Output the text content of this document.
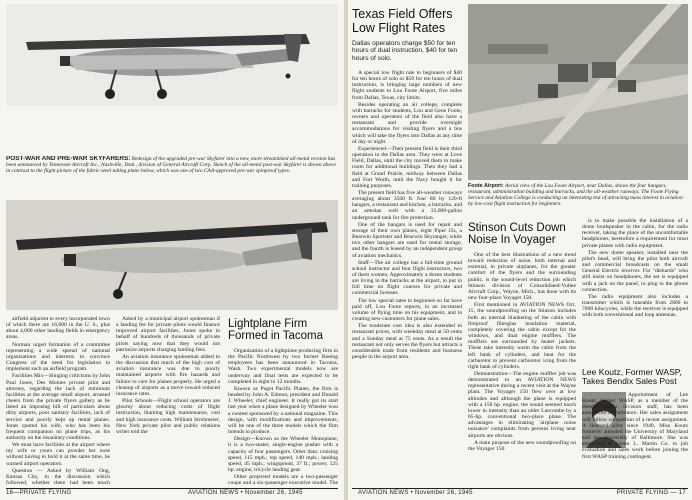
POST-WAR AND PRE-WAR SKYFARERS: Redesign of the upgraded pre-war Skyfarer into a new, more streamlined all-metal version has been announced by Tennessee Aircraft Inc., Nashville, Tenn., division of General Aircraft Corp. Sketch of the all-metal post-war Skyfarer is shown above in contrast to the flight picture of the fabric-steel tubing plane below, which was one of two CAA-approved pre-war spinproof types.

airfield adjacent to every incorporated town of which there are 16,000 in the U. S., plus about 4,000 other landing fields in emergency areas.

Norman urged formation of a committee representing a wide spread of national organizations and interests to convince Congress of the need for legislation to implement such an airfield program.

Facilities Mix—Slinging criticisms by John Paul Jones, Des Moines private pilot and attorney, regarding the lack of minimum facilities at the average small airport, aroused cheers from the private flyers gallery as he listed an imposing bill of particulars about dirty airports, poor sanitary facilities, lack of service and poorly kept up rental planes. Jones quoted his wife, who has been his frequent companion on plane trips, as his authority on the insanitary conditions.

We must have facilities at the airport where my wife or yours can powder her nose without having to hold it at the same time, he warned airport operators.

Question — Asked by William Ong, Kansas City, in the discussion which followed, whether there had been much

Asked by a municipal airport spokesman if a landing fee for private pilots would finance improved airport facilities, Jones spoke in behalf of hundreds of thousands of private pilots saying now that they would not patronize airports charging landing fees.

An aviation insurance spokesman added to the discussion that much of the high cost of aviation insurance was due to poorly maintained airports with fire hazards and failure to care for planes properly. He urged a cleanup of airports as a move toward reduced insurance rates.

Pilot Schools—Flight school operators are gloomy about reducing costs of flight instruction, blaming high maintenance, cost and high insurance costs. William Strohmeier, New York private pilot and public relations writer told the

Lightplane Firm Formed in Tacoma

Organization of a lightplane producing firm in the Pacific Northwest by two former Boeing employees has been announced in Tacoma, Wash. Two experimental models now are underway and final tests are expected to be completed in eight to 12 months.

Known as Puget Pacific Planes, the firm is headed by John A. Edmon, president and Donald J. Wheeler, chief engineer. It really got its start last year when a plane designed by Wheeler won a contest sponsored by a national magazine. This design, with modifications and improvements, will be one of the three models which the firm intends to produce.

Design—Known as the Wheeler Monoplane, it is a two-seater, single-engine pusher with a capacity of four passengers. Other data: cruising speed, 115 mph.; top speed, 140 mph.; landing speed, 45 mph.; wingspread, 37 ft.; power, 125 hp. engine, tricycle landing gear.

Other projected models are a two-passenger coupe and a six-passenger executive model. The

16—PRIVATE FLYING	AVIATION NEWS • November 26, 1945
Texas Field Offers Low Flight Rates
Dallas operators charge $50 for ten hours of dual instruction, $40 for ten hours of solo.

A special low flight rate to beginners of $40 for ten hours of solo or $50 for ten hours of dual instruction, is bringing large numbers of new flight students to Lou Foote Airport, five miles from Dallas, Texas, city limits.

Besides operating an air college, complete with barracks for students, Lou and Gene Foote, owners and operators of the field also have a restaurant and provide overnight accommodations for visiting flyers and a bus which will take the flyers into Dallas at any time of day or night.

Experienced—Their present field is their third operation in the Dallas area. They were at Love Field, Dallas, until the city moved them to make room for additional buildings. Then they had a field at Grand Prairie, midway between Dallas and Fort Worth, until the Navy bought it for training purposes.

The present field has five all-weather runways averaging about 3500 ft. four 80 by 120-ft hangars, a restaurant and kitchen, a barracks, and an arteslan well with a 33,000-gallon underground tank for fire protection.

One of the hangars is used for repair and storage of their own planes, eight Piper J3s, a Bearwin Sportster and Bearwin Skyranger, while two other hangars are used for rental storage, and the fourth is leased by an independent group of aviation mechanics.

Staff—The air college has a full-time ground school instructor and four flight instructors, two of them women. Approximately a dozen students are living in the barracks at the airport, to put in full time on flight courses for private and commercial licenses.

The low special rates to beginners so far have paid off, Lou Foote reports, in an increased volume of flying time on his equipment, and in creating new customers for plane sales.

The moderate cost idea is also extended to restaurant prices, with weekday meal at 50 cents and a Sunday meal at 75 cents. As a result the restaurant not only serves the flyers but attracts a considerable trade from residents and business people in the airport area.

Foote Airport: Aerial view of the Lou Foote Airport, near Dallas, shows the four hangars, restaurant, administration building and barracks, and the all-weather runways. The Foote Flying Service and Aviation College is conducting an interesting test of attracting mass interest in aviation by low-cost flight instruction for beginners.
Stinson Cuts Down Noise In Voyager

One of the best illustrations of a new trend toward reduction of noise, both internal and external, in private airplanes, for the greater comfort of the flyers and the surrounding public, is the sound-level reduction job which Stinson division of Consolidated-Vultee Aircraft Corp., Wayne, Mich., has done with its new four-place Voyager 150.

First mentioned in AVIATION NEWS Oct. 15, the soundproofing on the Stinson includes both an internal blanketing of the cabin with fireproof fiberglas insulation material, completely covering the cabin except for the windows, and dual engine mufflers. The mufflers are surrounded by heater jackets. These take intensity warm the cabin from the left bank of cylinders, and heat for the carburetor to prevent carburetor icing from the right bank of cylinders.

Demonstration—The engine muffler job was demonstrated to an AVIATION NEWS representative during a recent visit at the Wayne plant. The Voyager 150 flew over at low altitudes and although the plane is equipped with a 150 hp. engine, the sound seemed much lower in intensity than an older Luscombe by a 65-hp. conventional two-place plane. The advantages in eliminating 'airplane noise nuisance' complaints from persons living near airports are obvious.

A main purpose of the new soundproofing on the Voyager 150

is to make possible the installation of a dome loudspeaker in the cabin, for the radio receiver, taking the place of the uncomfortable headphones, heretofore a requirement for most private planes with radio equipment.

The new dome speaker, installed near the pilot's head, will bring the pilot both aircraft and commercial broadcasts on the small General Electric receiver. For "diehards" who still insist on headphones, the set is equipped with a jack on the panel, to plug in the phone connection.

The radio equipment also includes a transmitter which is tuneable from 2800 to 7000 kilocycles, while the receiver is equipped with both conventional and loop antennas.

Lee Koutz, Former WASP, Takes Bendix Sales Post

Appointment of Lee Koutz, former WASP, as a member of the Bendix Radio division staff, has been announced at Baltimore. Her sales assignment will follow completion of a recent assignment. A licensed pilot since 1940, Miss Koutz formerly attended the University of Maryland and the University of Baltimore. She was employed at Glenn L. Martin Co. in job evaluation and sales work before joining the first WASP training contingent.

AVIATION NEWS • November 26, 1945	PRIVATE FLYING — 17
